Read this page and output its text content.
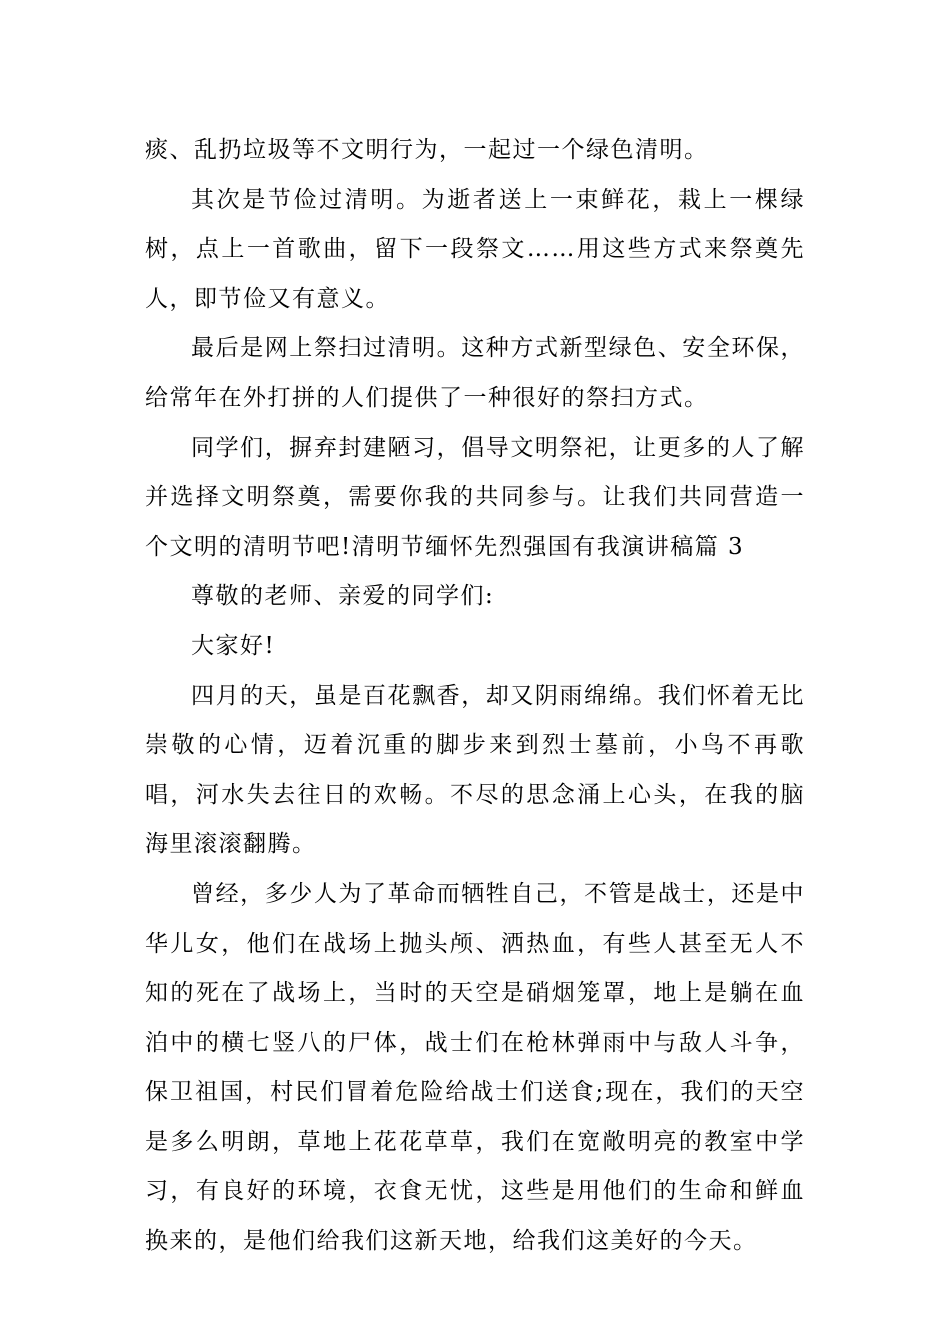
痰、乱扔垃圾等不文明行为，一起过一个绿色清明。

其次是节俭过清明。为逝者送上一束鲜花，栽上一棵绿树，点上一首歌曲，留下一段祭文……用这些方式来祭奠先人，即节俭又有意义。

最后是网上祭扫过清明。这种方式新型绿色、安全环保，给常年在外打拼的人们提供了一种很好的祭扫方式。

同学们，摒弃封建陋习，倡导文明祭祀，让更多的人了解并选择文明祭奠，需要你我的共同参与。让我们共同营造一个文明的清明节吧!清明节缅怀先烈强国有我演讲稿篇 3

尊敬的老师、亲爱的同学们:

大家好!

四月的天，虽是百花飘香，却又阴雨绵绵。我们怀着无比崇敬的心情，迈着沉重的脚步来到烈士墓前，小鸟不再歌唱，河水失去往日的欢畅。不尽的思念涌上心头，在我的脑海里滚滚翻腾。

曾经，多少人为了革命而牺牲自己，不管是战士，还是中华儿女，他们在战场上抛头颅、洒热血，有些人甚至无人不知的死在了战场上，当时的天空是硝烟笼罩，地上是躺在血泊中的横七竖八的尸体，战士们在枪林弹雨中与敌人斗争，保卫祖国，村民们冒着危险给战士们送食;现在，我们的天空是多么明朗，草地上花花草草，我们在宽敞明亮的教室中学习，有良好的环境，衣食无忧，这些是用他们的生命和鲜血换来的，是他们给我们这新天地，给我们这美好的今天。
